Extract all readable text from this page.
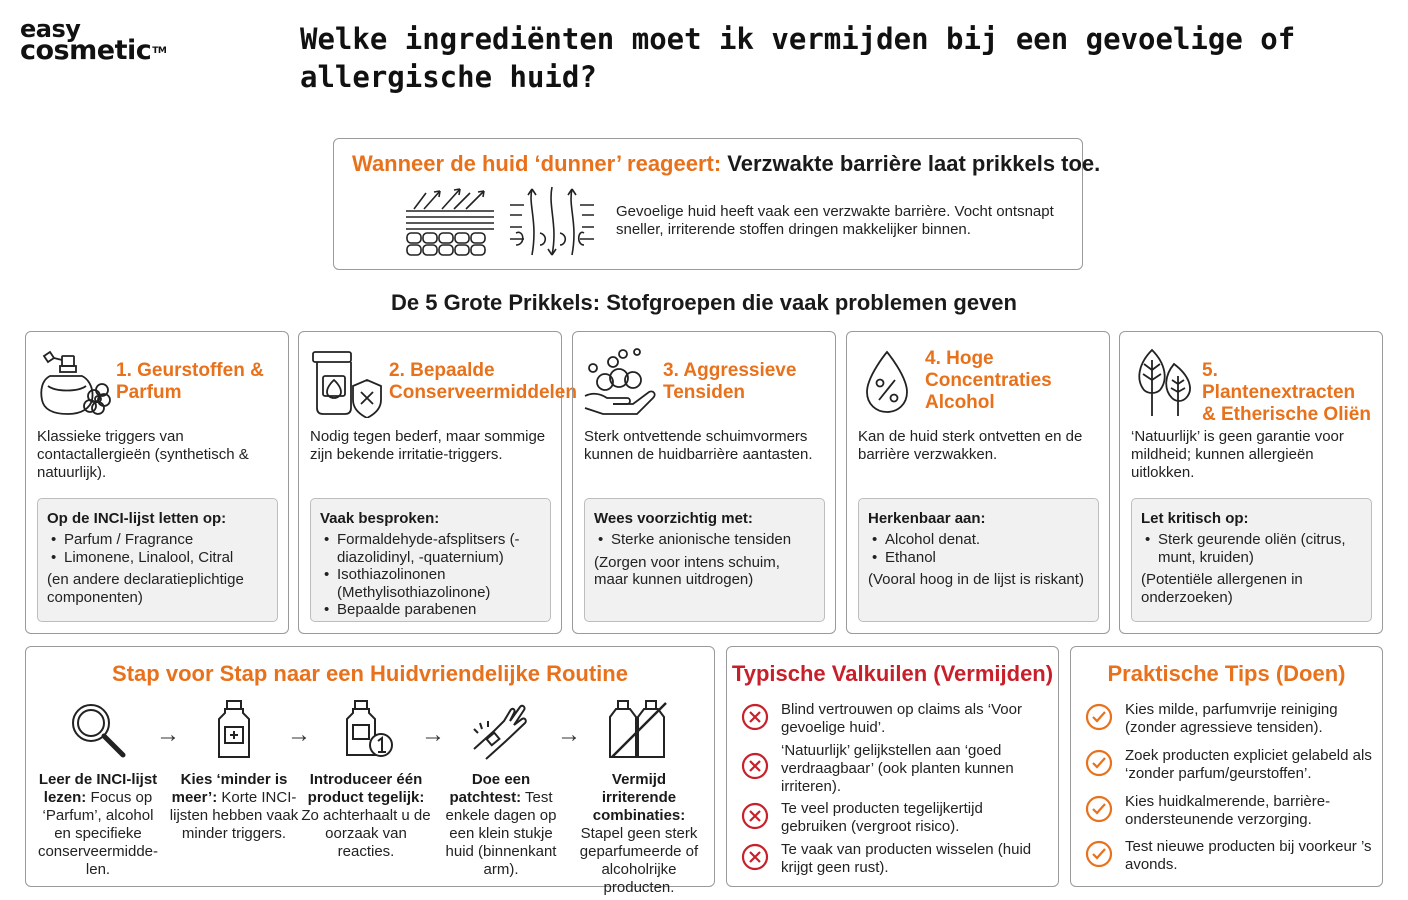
easy
cosmetic™	Welke ingrediënten moet ik vermijden bij een gevoelige of allergische huid?
Wanneer de huid ‘dunner’ reageert: Verzwakte barrière laat prikkels toe.
Gevoelige huid heeft vaak een verzwakte barrière. Vocht ontsnapt sneller, irriterende stoffen dringen makkelijker binnen.
De 5 Grote Prikkels: Stofgroepen die vaak problemen geven
1. Geurstoffen & Parfum
Klassieke triggers van contactallergieën (synthetisch & natuurlijk).
Op de INCI-lijst letten op:
• Parfum / Fragrance
• Limonene, Linalool, Citral
(en andere declaratieplichtige componenten)
2. Bepaalde Conserveermiddelen
Nodig tegen bederf, maar sommige zijn bekende irritatie-triggers.
Vaak besproken:
• Formaldehyde-afsplitsers (-diazolidinyl, -quaternium)
• Isothiazolinonen (Methylisothiazolinone)
• Bepaalde parabenen
3. Aggressieve Tensiden
Sterk ontvettende schuimvormers kunnen de huidbarrière aantasten.
Wees voorzichtig met:
• Sterke anionische tensiden
(Zorgen voor intens schuim, maar kunnen uitdrogen)
4. Hoge Concentraties Alcohol
Kan de huid sterk ontvetten en de barrière verzwakken.
Herkenbaar aan:
• Alcohol denat.
• Ethanol
(Vooral hoog in de lijst is riskant)
5. Plantenextracten & Etherische Oliën
‘Natuurlijk’ is geen garantie voor mildheid; kunnen allergieën uitlokken.
Let kritisch op:
• Sterk geurende oliën (citrus, munt, kruiden)
(Potentiële allergenen in onderzoeken)
Stap voor Stap naar een Huidvriendelijke Routine
Leer de INCI-lijst lezen: Focus op ‘Parfum’, alcohol en specifieke conserveermidde-len.
→
Kies ‘minder is meer’: Korte INCI-lijsten hebben vaak minder triggers.
→
Introduceer één product tegelijk: Zo achterhaalt u de oorzaak van reacties.
→
Doe een patchtest: Test enkele dagen op een klein stukje huid (binnenkant arm).
→
Vermijd irriterende combinaties: Stapel geen sterk geparfumeerde of alcoholrijke producten.
Typische Valkuilen (Vermijden)
Blind vertrouwen op claims als ‘Voor gevoelige huid’.
‘Natuurlijk’ gelijkstellen aan ‘goed verdraagbaar’ (ook planten kunnen irriteren).
Te veel producten tegelijkertijd gebruiken (vergroot risico).
Te vaak van producten wisselen (huid krijgt geen rust).
Praktische Tips (Doen)
Kies milde, parfumvrije reiniging (zonder agressieve tensiden).
Zoek producten expliciet gelabeld als ‘zonder parfum/geurstoffen’.
Kies huidkalmerende, barrière-ondersteunende verzorging.
Test nieuwe producten bij voorkeur ’s avonds.
